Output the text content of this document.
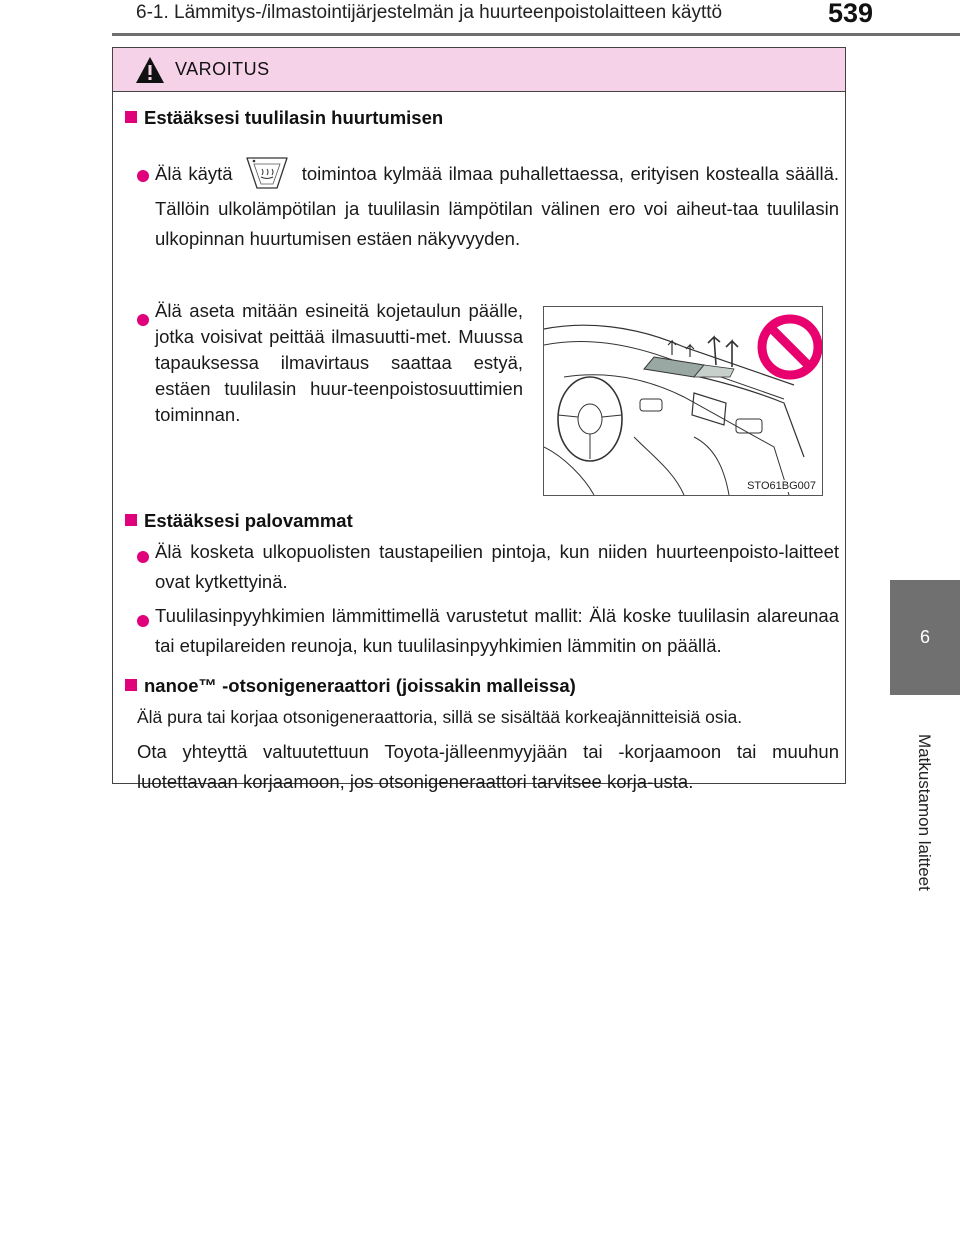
6-1. Lämmitys-/ilmastointijärjestelmän ja huurteenpoistolaitteen käyttö	539
6
Matkustamon laitteet
VAROITUS
Estääksesi tuulilasin huurtumisen
Älä käytä	toimintoa kylmää ilmaa puhallettaessa, erityisen kostealla säällä. Tällöin ulkolämpötilan ja tuulilasin lämpötilan välinen ero voi aiheut-taa tuulilasin ulkopinnan huurtumisen estäen näkyvyyden.
Älä aseta mitään esineitä kojetaulun päälle, jotka voisivat peittää ilmasuutti-met. Muussa tapauksessa ilmavirtaus saattaa estyä, estäen tuulilasin huur-teenpoistosuuttimien toiminnan.
STO61BG007
Estääksesi palovammat
Älä kosketa ulkopuolisten taustapeilien pintoja, kun niiden huurteenpoisto-laitteet ovat kytkettyinä.
Tuulilasinpyyhkimien lämmittimellä varustetut mallit: Älä koske tuulilasin alareunaa tai etupilareiden reunoja, kun tuulilasinpyyhkimien lämmitin on päällä.
nanoe™ -otsonigeneraattori (joissakin malleissa)
Älä pura tai korjaa otsonigeneraattoria, sillä se sisältää korkeajännitteisiä osia.
Ota yhteyttä valtuutettuun Toyota-jälleenmyyjään tai -korjaamoon tai muuhun luotettavaan korjaamoon, jos otsonigeneraattori tarvitsee korja-usta.
